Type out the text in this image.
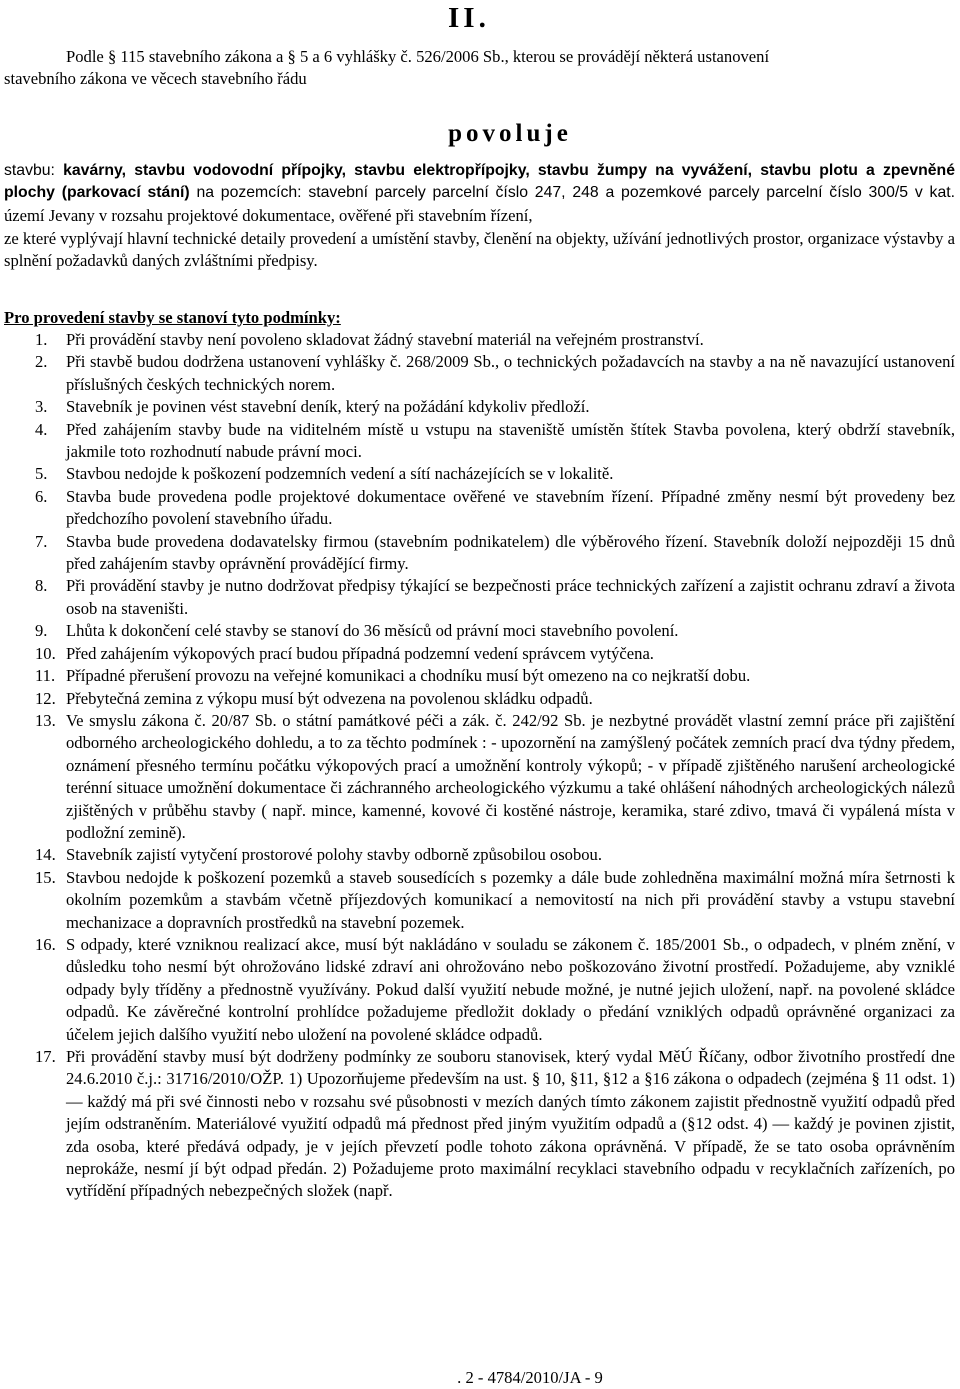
II.
Podle § 115 stavebního zákona a § 5 a 6 vyhlášky č. 526/2006 Sb., kterou se provádějí některá ustanovení
stavebního zákona ve věcech stavebního řádu
povoluje
stavbu: kavárny, stavbu vodovodní přípojky, stavbu elektropřípojky, stavbu žumpy na vyvážení, stavbu plotu a zpevněné plochy (parkovací stání) na pozemcích: stavební parcely parcelní číslo 247, 248 a pozemkové parcely parcelní číslo 300/5 v kat. území Jevany v rozsahu projektové dokumentace, ověřené při stavebním řízení,
ze které vyplývají hlavní technické detaily provedení a umístění stavby, členění na objekty, užívání jednotlivých prostor, organizace výstavby a splnění požadavků daných zvláštními předpisy.
Pro provedení stavby se stanoví tyto podmínky:
1.	Při provádění stavby není povoleno skladovat žádný stavební materiál na veřejném prostranství.
2.	Při stavbě budou dodržena ustanovení vyhlášky č. 268/2009 Sb., o technických požadavcích na stavby a na ně navazující ustanovení příslušných českých technických norem.
3.	Stavebník je povinen vést stavební deník, který na požádání kdykoliv předloží.
4.	Před zahájením stavby bude na viditelném místě u vstupu na staveniště umístěn štítek Stavba povolena, který obdrží stavebník, jakmile toto rozhodnutí nabude právní moci.
5.	Stavbou nedojde k poškození podzemních vedení a sítí nacházejících se v lokalitě.
6.	Stavba bude provedena podle projektové dokumentace ověřené ve stavebním řízení. Případné změny nesmí být provedeny bez předchozího povolení stavebního úřadu.
7.	Stavba bude provedena dodavatelsky firmou (stavebním podnikatelem) dle výběrového řízení. Stavebník doloží nejpozději 15 dnů před zahájením stavby oprávnění provádějící firmy.
8.	Při provádění stavby je nutno dodržovat předpisy týkající se bezpečnosti práce technických zařízení a zajistit ochranu zdraví a života osob na staveništi.
9.	Lhůta k dokončení celé stavby se stanoví do 36 měsíců od právní moci stavebního povolení.
10. Před zahájením výkopových prací budou případná podzemní vedení správcem vytýčena.
11. Případné přerušení provozu na veřejné komunikaci a chodníku musí být omezeno na co nejkratší dobu.
12. Přebytečná zemina z výkopu musí být odvezena na povolenou skládku odpadů.
13. Ve smyslu zákona č. 20/87 Sb. o státní památkové péči a zák. č. 242/92 Sb. je nezbytné provádět vlastní zemní práce při zajištění odborného archeologického dohledu, a to za těchto podmínek : - upozornění na zamýšlený počátek zemních prací dva týdny předem, oznámení přesného termínu počátku výkopových prací a umožnění kontroly výkopů; - v případě zjištěného narušení archeologické terénní situace umožnění dokumentace či záchranného archeologického výzkumu a také ohlášení náhodných archeologických nálezů zjištěných v průběhu stavby ( např. mince, kamenné, kovové či kostěné nástroje, keramika, staré zdivo, tmavá či vypálená místa v podložní zemině).
14. Stavebník zajistí vytyčení prostorové polohy stavby odborně způsobilou osobou.
15. Stavbou nedojde k poškození pozemků a staveb sousedících s pozemky a dále bude zohledněna maximální možná míra šetrnosti k okolním pozemkům a stavbám včetně příjezdových komunikací a nemovitostí na nich při provádění stavby a vstupu stavební mechanizace a dopravních prostředků na stavební pozemek.
16. S odpady, které vzniknou realizací akce, musí být nakládáno v souladu se zákonem č. 185/2001 Sb., o odpadech, v plném znění, v důsledku toho nesmí být ohrožováno lidské zdraví ani ohrožováno nebo poškozováno životní prostředí. Požadujeme, aby vzniklé odpady byly tříděny a přednostně využívány. Pokud další využití nebude možné, je nutné jejich uložení, např. na povolené skládce odpadů. Ke závěrečné kontrolní prohlídce požadujeme předložit doklady o předání vzniklých odpadů oprávněné organizaci za účelem jejich dalšího využití nebo uložení na povolené skládce odpadů.
17. Při provádění stavby musí být dodrženy podmínky ze souboru stanovisek, který vydal MěÚ Říčany, odbor životního prostředí dne 24.6.2010 č.j.: 31716/2010/OŽP. 1) Upozorňujeme především na ust. § 10, §11, §12 a §16 zákona o odpadech (zejména § 11 odst. 1) — každý má při své činnosti nebo v rozsahu své působnosti v mezích daných tímto zákonem zajistit přednostně využití odpadů před jejím odstraněním. Materiálové využití odpadů má přednost před jiným využitím odpadů a (§12 odst. 4) — každý je povinen zjistit, zda osoba, které předává odpady, je v jejích převzetí podle tohoto zákona oprávněná. V případě, že se tato osoba oprávněním neprokáže, nesmí jí být odpad předán. 2) Požadujeme proto maximální recyklaci stavebního odpadu v recyklačních zařízeních, po vytřídění případných nebezpečných složek (např.
. 2 - 4784/2010/JA - 9
